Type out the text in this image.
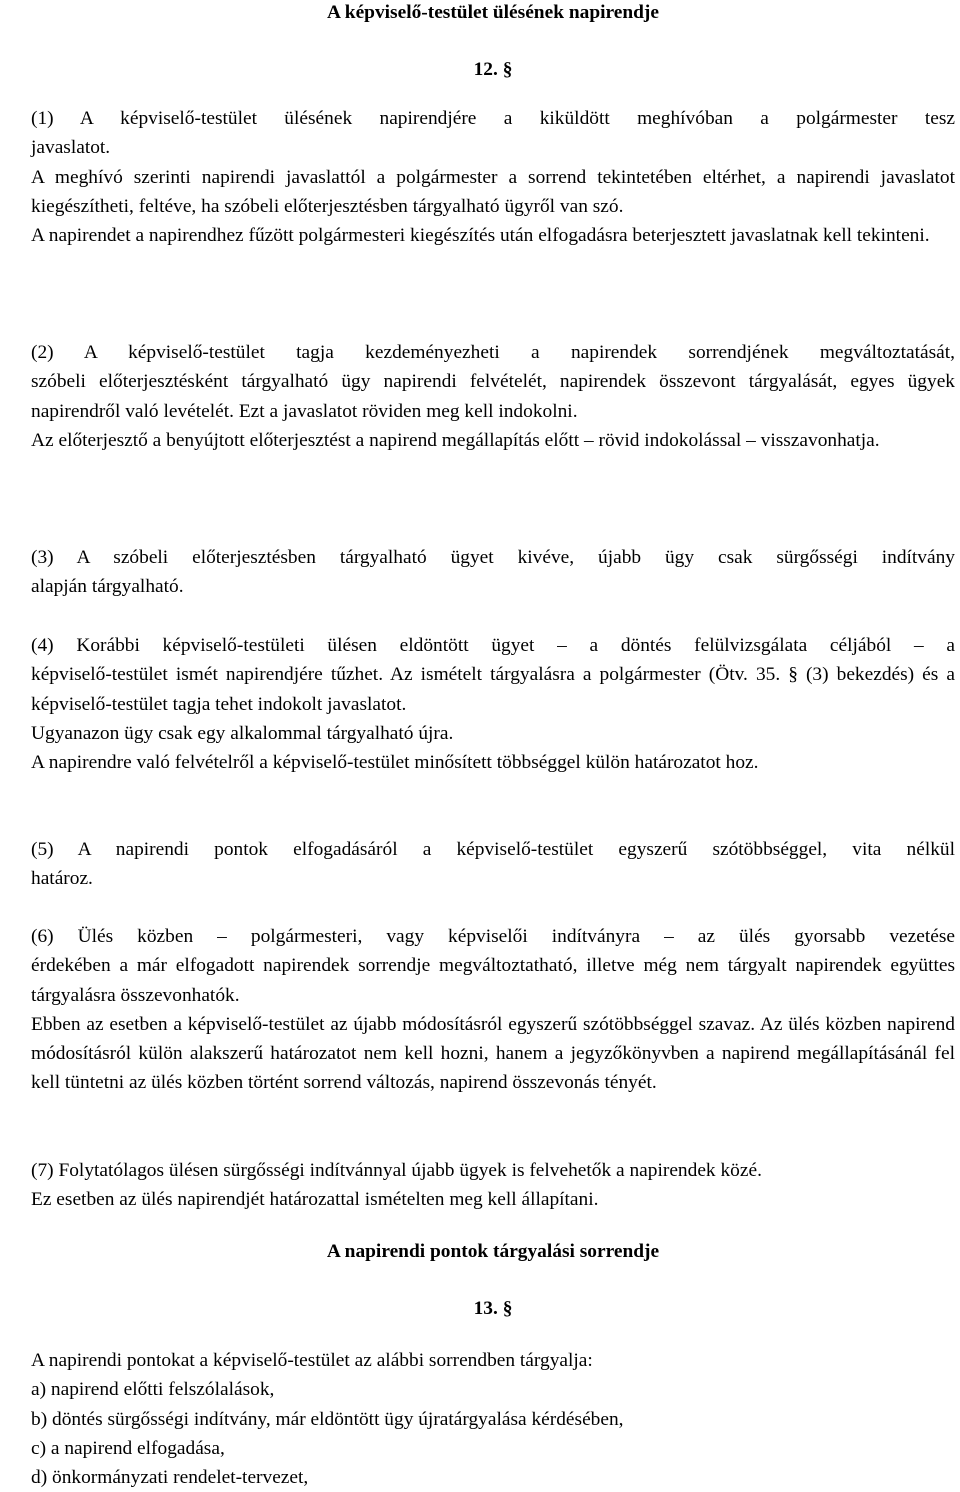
A képviselő-testület ülésének napirendje
12. §
(1) A képviselő-testület ülésének napirendjére a kiküldött meghívóban a polgármester tesz
javaslatot.
A meghívó szerinti napirendi javaslattól a polgármester a sorrend tekintetében eltérhet, a napirendi javaslatot kiegészítheti, feltéve, ha szóbeli előterjesztésben tárgyalható ügyről van szó.
A napirendet a napirendhez fűzött polgármesteri kiegészítés után elfogadásra beterjesztett javaslatnak kell tekinteni.
(2) A képviselő-testület tagja kezdeményezheti a napirendek sorrendjének megváltoztatását,
szóbeli előterjesztésként tárgyalható ügy napirendi felvételét, napirendek összevont tárgyalását, egyes ügyek napirendről való levételét. Ezt a javaslatot röviden meg kell indokolni.
Az előterjesztő a benyújtott előterjesztést a napirend megállapítás előtt – rövid indokolással – visszavonhatja.
(3) A szóbeli előterjesztésben tárgyalható ügyet kivéve, újabb ügy csak sürgősségi indítvány
alapján tárgyalható.
(4) Korábbi képviselő-testületi ülésen eldöntött ügyet – a döntés felülvizsgálata céljából – a
képviselő-testület ismét napirendjére tűzhet. Az ismételt tárgyalásra a polgármester (Ötv. 35. § (3) bekezdés) és a képviselő-testület tagja tehet indokolt javaslatot.
Ugyanazon ügy csak egy alkalommal tárgyalható újra.
A napirendre való felvételről a képviselő-testület minősített többséggel külön határozatot hoz.
(5) A napirendi pontok elfogadásáról a képviselő-testület egyszerű szótöbbséggel, vita nélkül
határoz.
(6) Ülés közben – polgármesteri, vagy képviselői indítványra – az ülés gyorsabb vezetése
érdekében a már elfogadott napirendek sorrendje megváltoztatható, illetve még nem tárgyalt napirendek együttes tárgyalásra összevonhatók.
Ebben az esetben a képviselő-testület az újabb módosításról egyszerű szótöbbséggel szavaz. Az ülés közben napirend módosításról külön alakszerű határozatot nem kell hozni, hanem a jegyzőkönyvben a napirend megállapításánál fel kell tüntetni az ülés közben történt sorrend változás, napirend összevonás tényét.
(7) Folytatólagos ülésen sürgősségi indítvánnyal újabb ügyek is felvehetők a napirendek közé.
Ez esetben az ülés napirendjét határozattal ismételten meg kell állapítani.
A napirendi pontok tárgyalási sorrendje
13. §
A napirendi pontokat a képviselő-testület az alábbi sorrendben tárgyalja:
a) napirend előtti felszólalások,
b) döntés sürgősségi indítvány, már eldöntött ügy újratárgyalása kérdésében,
c) a napirend elfogadása,
d) önkormányzati rendelet-tervezet,
